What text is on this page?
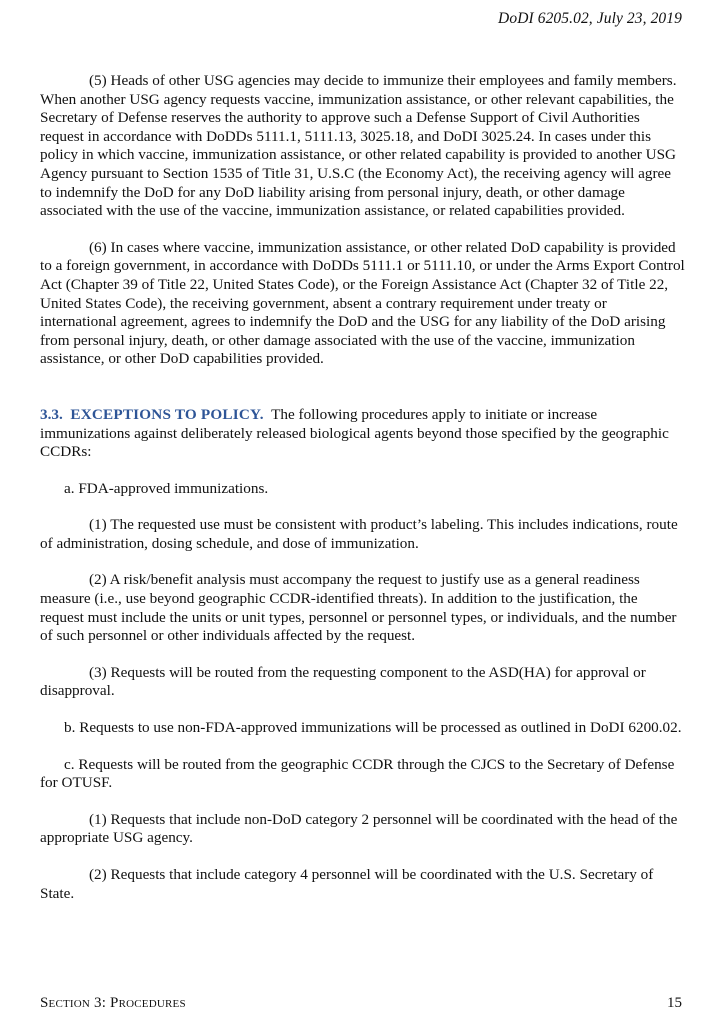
DoDI 6205.02, July 23, 2019

(5) Heads of other USG agencies may decide to immunize their employees and family members. When another USG agency requests vaccine, immunization assistance, or other relevant capabilities, the Secretary of Defense reserves the authority to approve such a Defense Support of Civil Authorities request in accordance with DoDDs 5111.1, 5111.13, 3025.18, and DoDI 3025.24. In cases under this policy in which vaccine, immunization assistance, or other related capability is provided to another USG Agency pursuant to Section 1535 of Title 31, U.S.C (the Economy Act), the receiving agency will agree to indemnify the DoD for any DoD liability arising from personal injury, death, or other damage associated with the use of the vaccine, immunization assistance, or related capabilities provided.

(6) In cases where vaccine, immunization assistance, or other related DoD capability is provided to a foreign government, in accordance with DoDDs 5111.1 or 5111.10, or under the Arms Export Control Act (Chapter 39 of Title 22, United States Code), or the Foreign Assistance Act (Chapter 32 of Title 22, United States Code), the receiving government, absent a contrary requirement under treaty or international agreement, agrees to indemnify the DoD and the USG for any liability of the DoD arising from personal injury, death, or other damage associated with the use of the vaccine, immunization assistance, or other DoD capabilities provided.

3.3. EXCEPTIONS TO POLICY. The following procedures apply to initiate or increase immunizations against deliberately released biological agents beyond those specified by the geographic CCDRs:

a. FDA-approved immunizations.

(1) The requested use must be consistent with product’s labeling. This includes indications, route of administration, dosing schedule, and dose of immunization.

(2) A risk/benefit analysis must accompany the request to justify use as a general readiness measure (i.e., use beyond geographic CCDR-identified threats). In addition to the justification, the request must include the units or unit types, personnel or personnel types, or individuals, and the number of such personnel or other individuals affected by the request.

(3) Requests will be routed from the requesting component to the ASD(HA) for approval or disapproval.

b. Requests to use non-FDA-approved immunizations will be processed as outlined in DoDI 6200.02.

c. Requests will be routed from the geographic CCDR through the CJCS to the Secretary of Defense for OTUSF.

(1) Requests that include non-DoD category 2 personnel will be coordinated with the head of the appropriate USG agency.

(2) Requests that include category 4 personnel will be coordinated with the U.S. Secretary of State.

Section 3: Procedures	15
